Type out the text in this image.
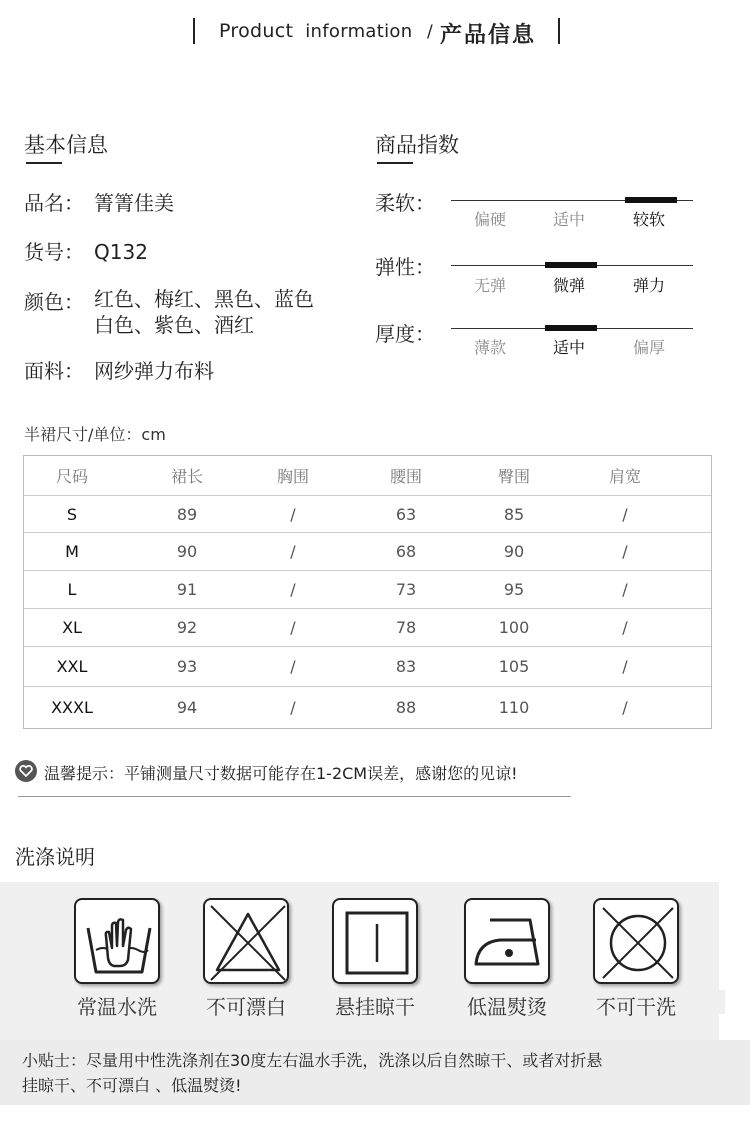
Product information / 产品信息
基本信息
品名： 箐箐佳美
货号： Q132
颜色： 红色、梅红、黑色、蓝色
白色、紫色、酒红
面料： 网纱弹力布料
商品指数
柔软：
偏硬	适中	较软
弹性：
无弹	微弹	弹力
厚度：
薄款	适中	偏厚
半裙尺寸/单位：cm
尺码	裙长	胸围	腰围	臀围	肩宽
S	89	/	63	85	/
M	90	/	68	90	/
L	91	/	73	95	/
XL	92	/	78	100	/
XXL	93	/	83	105	/
XXXL	94	/	88	110	/
温馨提示：平铺测量尺寸数据可能存在1-2CM误差，感谢您的见谅!
洗涤说明
常温水洗	不可漂白	悬挂晾干	低温熨烫	不可干洗
小贴士：尽量用中性洗涤剂在30度左右温水手洗，洗涤以后自然晾干、或者对折悬
挂晾干、不可漂白 、低温熨烫!
